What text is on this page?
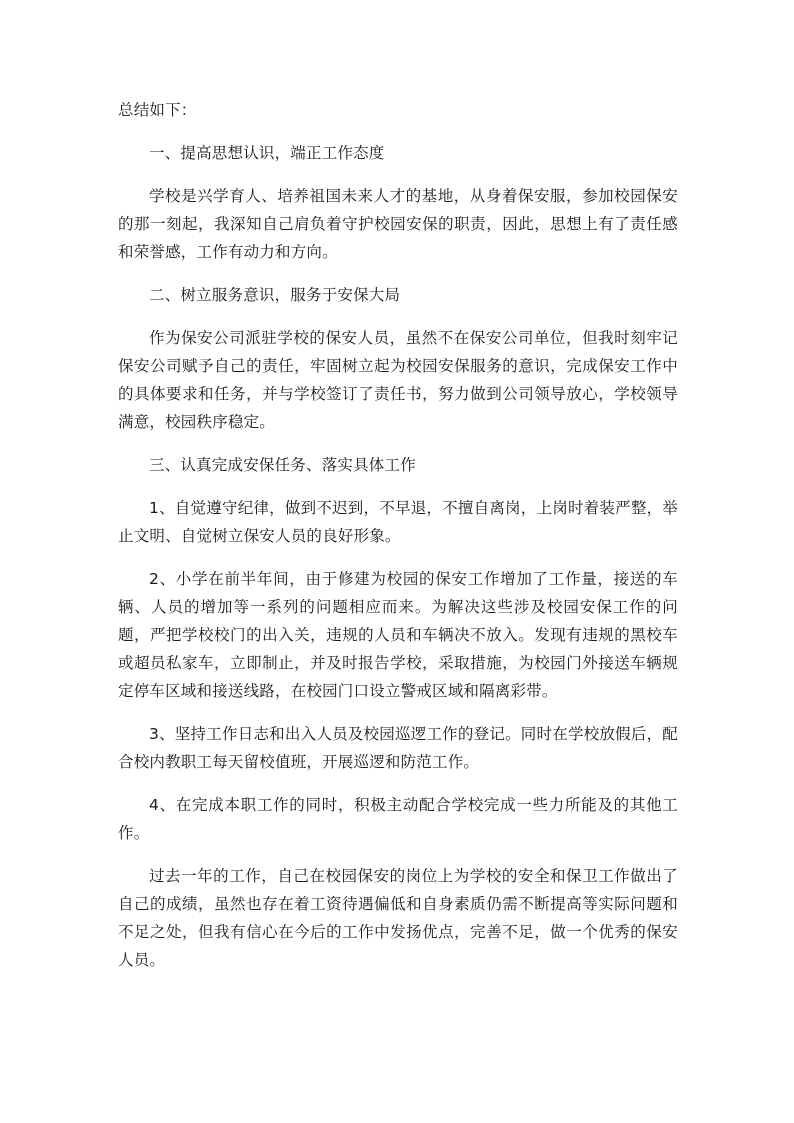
总结如下：

一、提高思想认识，端正工作态度

学校是兴学育人、培养祖国未来人才的基地，从身着保安服，参加校园保安的那一刻起，我深知自己肩负着守护校园安保的职责，因此，思想上有了责任感和荣誉感，工作有动力和方向。

二、树立服务意识，服务于安保大局

作为保安公司派驻学校的保安人员，虽然不在保安公司单位，但我时刻牢记保安公司赋予自己的责任，牢固树立起为校园安保服务的意识，完成保安工作中的具体要求和任务，并与学校签订了责任书，努力做到公司领导放心，学校领导满意，校园秩序稳定。

三、认真完成安保任务、落实具体工作

1、自觉遵守纪律，做到不迟到，不早退，不擅自离岗，上岗时着装严整，举止文明、自觉树立保安人员的良好形象。

2、小学在前半年间，由于修建为校园的保安工作增加了工作量，接送的车辆、人员的增加等一系列的问题相应而来。为解决这些涉及校园安保工作的问题，严把学校校门的出入关，违规的人员和车辆决不放入。发现有违规的黑校车或超员私家车，立即制止，并及时报告学校，采取措施，为校园门外接送车辆规定停车区域和接送线路，在校园门口设立警戒区域和隔离彩带。

3、坚持工作日志和出入人员及校园巡逻工作的登记。同时在学校放假后，配合校内教职工每天留校值班，开展巡逻和防范工作。

4、在完成本职工作的同时，积极主动配合学校完成一些力所能及的其他工作。

过去一年的工作，自己在校园保安的岗位上为学校的安全和保卫工作做出了自己的成绩，虽然也存在着工资待遇偏低和自身素质仍需不断提高等实际问题和不足之处，但我有信心在今后的工作中发扬优点，完善不足，做一个优秀的保安人员。
